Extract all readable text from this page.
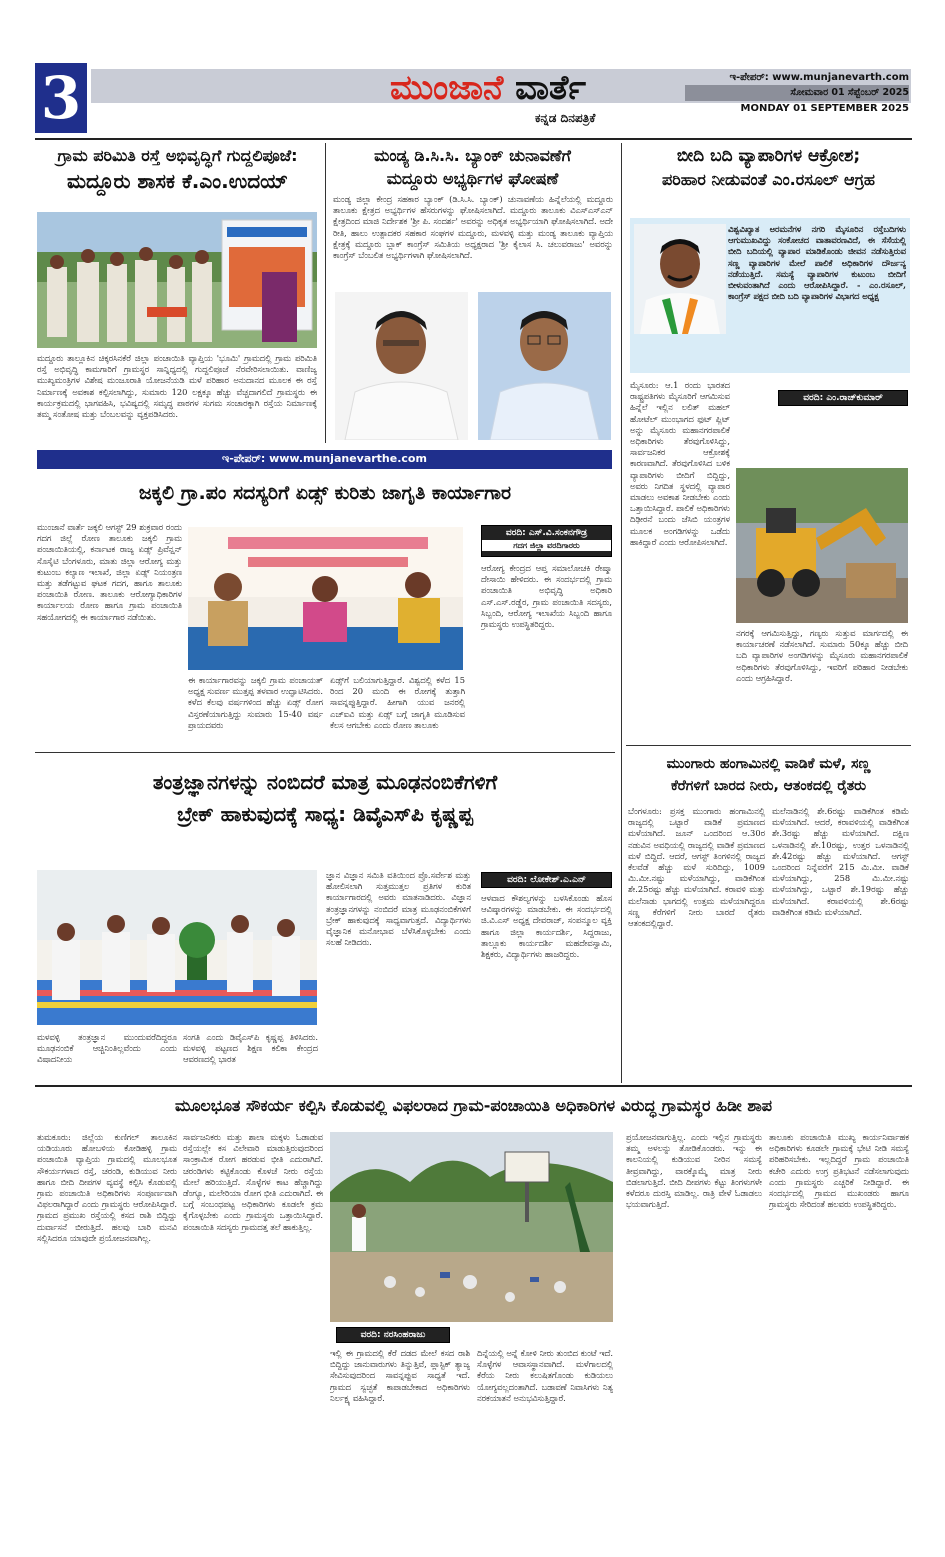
3	ಮುಂಜಾನೆ ವಾರ್ತೆ
ಕನ್ನಡ ದಿನಪತ್ರಿಕೆ
ಇ-ಪೇಪರ್: www.munjanevarth.com
ಸೋಮವಾರ 01 ಸೆಪ್ಟೆಂಬರ್ 2025
MONDAY 01 SEPTEMBER 2025
ಗ್ರಾಮ ಪರಿಮಿತಿ ರಸ್ತೆ ಅಭಿವೃದ್ಧಿಗೆ ಗುದ್ದಲಿಪೂಜೆ:
ಮದ್ದೂರು ಶಾಸಕ ಕೆ.ಎಂ.ಉದಯ್
ಮದ್ದೂರು ತಾಲ್ಲೂಕಿನ ಚಿಕ್ಕರಸಿನಕೆರೆ ಜಿಲ್ಲಾ ಪಂಚಾಯಿತಿ ವ್ಯಾಪ್ತಿಯ 'ಭೂಮಿ' ಗ್ರಾಮದಲ್ಲಿ ಗ್ರಾಮ ಪರಿಮಿತಿ ರಸ್ತೆ ಅಭಿವೃದ್ಧಿ ಕಾಮಗಾರಿಗೆ ಗ್ರಾಮಸ್ಥರ ಸಾನ್ನಿಧ್ಯದಲ್ಲಿ ಗುದ್ದಲಿಪೂಜೆ ನೆರವೇರಿಸಲಾಯಿತು. ವಾಣಿಜ್ಯ ಮುಖ್ಯಮಂತ್ರಿಗಳ ವಿಶೇಷ ಮಂಜೂರಾತಿ ಯೋಜನೆಯಡಿ ಮಳೆ ಪರಿಹಾರ ಅನುದಾನದ ಮೂಲಕ ಈ ರಸ್ತೆ ನಿರ್ಮಾಣಕ್ಕೆ ಅವಕಾಶ ಕಲ್ಪಿಸಲಾಗಿದ್ದು, ಸುಮಾರು 120 ಲಕ್ಷಕ್ಕೂ ಹೆಚ್ಚು ವೆಚ್ಚದಾಗಲಿದೆ ಗ್ರಾಮಸ್ಥರು ಈ ಕಾರ್ಯಕ್ರಮದಲ್ಲಿ ಭಾಗವಹಿಸಿ, ಭವಿಷ್ಯದಲ್ಲಿ ಸಮೃದ್ಧ ಪಾಠಗಳ ಸುಗಮ ಸಂಚಾರಕ್ಕಾಗಿ ರಸ್ತೆಯ ನಿರ್ಮಾಣಕ್ಕೆ ತಮ್ಮ ಸಂತೋಷ ಮತ್ತು ಬೆಂಬಲವನ್ನು ವ್ಯಕ್ತಪಡಿಸಿದರು.
ಮಂಡ್ಯ ಡಿ.ಸಿ.ಸಿ. ಬ್ಯಾಂಕ್ ಚುನಾವಣೆಗೆ
ಮದ್ದೂರು ಅಭ್ಯರ್ಥಿಗಳ ಘೋಷಣೆ
ಮಂಡ್ಯ ಜಿಲ್ಲಾ ಕೇಂದ್ರ ಸಹಕಾರ ಬ್ಯಾಂಕ್ (ಡಿ.ಸಿ.ಸಿ. ಬ್ಯಾಂಕ್) ಚುನಾವಣೆಯ ಹಿನ್ನೆಲೆಯಲ್ಲಿ ಮದ್ದೂರು ತಾಲೂಕು ಕ್ಷೇತ್ರದ ಅಭ್ಯರ್ಥಿಗಳ ಹೆಸರುಗಳನ್ನು ಘೋಷಿಸಲಾಗಿದೆ. ಮದ್ದೂರು ತಾಲೂಕು ವಿಎಸ್‌ಎಸ್‌ಎನ್ ಕ್ಷೇತ್ರದಿಂದ ಮಾಜಿ ನಿರ್ದೇಶಕ 'ಶ್ರೀ ಪಿ. ಸಂದರ್ಶ' ಅವರನ್ನು ಅಧಿಕೃತ ಅಭ್ಯರ್ಥಿಯಾಗಿ ಘೋಷಿಸಲಾಗಿದೆ. ಅದೇ ರೀತಿ, ಹಾಲು ಉತ್ಪಾದಕರ ಸಹಕಾರ ಸಂಘಗಳ ಮದ್ದೂರು, ಮಳವಳ್ಳಿ ಮತ್ತು ಮಂಡ್ಯ ತಾಲೂಕು ವ್ಯಾಪ್ತಿಯ ಕ್ಷೇತ್ರಕ್ಕೆ ಮದ್ದೂರು ಬ್ಲಾಕ್ ಕಾಂಗ್ರೆಸ್ ಸಮಿತಿಯ ಅಧ್ಯಕ್ಷರಾದ 'ಶ್ರೀ ಕೈಲಾಸ ಸಿ. ಚಲುವರಾಜು' ಅವರನ್ನು ಕಾಂಗ್ರೆಸ್ ಬೆಂಬಲಿತ ಅಭ್ಯರ್ಥಿಗಳಾಗಿ ಘೋಷಿಸಲಾಗಿದೆ.
ಬೀದಿ ಬದಿ ವ್ಯಾಪಾರಿಗಳ ಆಕ್ರೋಶ;
ಪರಿಹಾರ ನೀಡುವಂತೆ ಎಂ.ರಸೂಲ್ ಆಗ್ರಹ
ವಿಶ್ವವಿಖ್ಯಾತ ಅರಮನೆಗಳ ನಗರಿ ಮೈಸೂರಿನ ರಸ್ತೆಬದಿಗಳು ಆಗುಮುಖವಿದ್ದು ಸಂಕೋಚದ ವಾತಾವರಣವಿದೆ, ಈ ಸೆಸೆಯಲ್ಲಿ ಬೀದಿ ಬದಿಯಲ್ಲಿ ವ್ಯಾಪಾರ ಮಾಡಿಕೊಂಡು ಜೀವನ ನಡೆಸುತ್ತಿರುವ ಸಣ್ಣ ವ್ಯಾಪಾರಿಗಳ ಮೇಲೆ ಪಾಲಿಕೆ ಅಧಿಕಾರಿಗಳ ದೌರ್ಜನ್ಯ ನಡೆಯುತ್ತಿದೆ. ಸಮಸ್ಯೆ ವ್ಯಾಪಾರಿಗಳ ಕುಟುಂಬ ಬೀದಿಗೆ ಬೀಳುವಂತಾಗಿದೆ ಎಂದು ಆರೋಪಿಸಿದ್ದಾರೆ. - ಎಂ.ರಸೂಲ್, ಕಾಂಗ್ರೆಸ್ ಪಕ್ಷದ ಬೀದಿ ಬದಿ ವ್ಯಾಪಾರಿಗಳ ವಿಭಾಗದ ಅಧ್ಯಕ್ಷ
ಮೈಸೂರು: ಆ.1 ರಂದು ಭಾರತದ ರಾಷ್ಟ್ರಪತಿಗಳು ಮೈಸೂರಿಗೆ ಆಗಮಿಸುವ ಹಿನ್ನೆಲೆ ಇಲ್ಲಿನ ಲಲಿತ್ ಮಹಲ್ ಹೋಟೆಲ್ ಮುಂಭಾಗದ ಫುಟ್ ಪ್ಲಿಟ್ ಅನ್ನು ಮೈಸೂರು ಮಹಾನಗರಪಾಲಿಕೆ ಅಧಿಕಾರಿಗಳು ತೆರವುಗೊಳಿಸಿದ್ದು, ಸಾರ್ವಜನಿಕರ ಆಕ್ರೋಶಕ್ಕೆ ಕಾರಣವಾಗಿದೆ. ತೆರವುಗೊಳಿಸಿದ ಬಳಿಕ ವ್ಯಾಪಾರಿಗಳು ಬೀದಿಗೆ ಬಿದ್ದಿದ್ದು, ಅವರು ನಿಗದಿತ ಸ್ಥಳದಲ್ಲಿ ವ್ಯಾಪಾರ ಮಾಡಲು ಅವಕಾಶ ನೀಡಬೇಕು ಎಂದು ಒತ್ತಾಯಿಸಿದ್ದಾರೆ. ಪಾಲಿಕೆ ಅಧಿಕಾರಿಗಳು ದಿಢೀರನೆ ಬಂದು ಜೆಸಿಬಿ ಯಂತ್ರಗಳ ಮೂಲಕ ಅಂಗಡಿಗಳನ್ನು ಒಡೆದು ಹಾಕಿದ್ದಾರೆ ಎಂದು ಆರೋಪಿಸಲಾಗಿದೆ.
ವರದಿ: ಎಂ.ರಾಜ್‌ಕುಮಾರ್
ನಗರಕ್ಕೆ ಆಗಮಿಸುತ್ತಿದ್ದು, ಗಣ್ಯರು ಸುತ್ತುವ ಮಾರ್ಗದಲ್ಲಿ ಈ ಕಾರ್ಯಾಚರಣೆ ನಡೆಸಲಾಗಿದೆ. ಸುಮಾರು 50ಕ್ಕೂ ಹೆಚ್ಚು ಬೀದಿ ಬದಿ ವ್ಯಾಪಾರಿಗಳ ಅಂಗಡಿಗಳನ್ನು ಮೈಸೂರು ಮಹಾನಗರಪಾಲಿಕೆ ಅಧಿಕಾರಿಗಳು ತೆರವುಗೊಳಿಸಿದ್ದು, ಇವರಿಗೆ ಪರಿಹಾರ ನೀಡಬೇಕು ಎಂದು ಆಗ್ರಹಿಸಿದ್ದಾರೆ.
ಇ-ಪೇಪರ್: www.munjanevarthe.com
ಜಕ್ಕಲಿ ಗ್ರಾ.ಪಂ ಸದಸ್ಯರಿಗೆ ಏಡ್ಸ್ ಕುರಿತು ಜಾಗೃತಿ ಕಾರ್ಯಾಗಾರ
ಮುಂಜಾನೆ ವಾರ್ತೆ ಜಕ್ಕಲಿ ಆಗಸ್ಟ್ 29 ಶುಕ್ರವಾರ ರಂದು ಗದಗ ಜಿಲ್ಲೆ ರೋಣ ತಾಲೂಕು ಜಕ್ಕಲಿ ಗ್ರಾಮ ಪಂಚಾಯಿತಿಯಲ್ಲಿ, ಕರ್ನಾಟಕ ರಾಜ್ಯ ಏಡ್ಸ್ ಪ್ರಿವೆನ್ಷನ್ ಸೊಸೈಟಿ ಬೆಂಗಳೂರು, ಮಾತು ಜಿಲ್ಲಾ ಆರೋಗ್ಯ ಮತ್ತು ಕುಟುಂಬ ಕಲ್ಯಾಣ ಇಲಾಖೆ, ಜಿಲ್ಲಾ ಏಡ್ಸ್ ನಿಯಂತ್ರಣ ಮತ್ತು ತಡೆಗಟ್ಟುವ ಘಟಕ ಗದಗ, ಹಾಗೂ ತಾಲೂಕು ಪಂಚಾಯಿತಿ ರೋಣ. ತಾಲೂಕು ಆರೋಗ್ಯಾಧಿಕಾರಿಗಳ ಕಾರ್ಯಾಲಯ ರೋಣ ಹಾಗೂ ಗ್ರಾಮ ಪಂಚಾಯಿತಿ ಸಹಯೋಗದಲ್ಲಿ ಈ ಕಾರ್ಯಾಗಾರ ನಡೆಯಿತು.
ಈ ಕಾರ್ಯಾಗಾರವನ್ನು ಜಕ್ಕಲಿ ಗ್ರಾಮ ಪಂಚಾಯತ್ ಅಧ್ಯಕ್ಷ ಸುವರ್ಣ ಮುತ್ತಪ್ಪ ತಳವಾರ ಉದ್ಘಾಟಿಸಿದರು. ಕಳೆದ ಕೆಲವು ವರ್ಷಗಳಿಂದ ಹೆಚ್ಚು ಏಡ್ಸ್ ರೋಗ ವಿಸ್ತರಣೆಯಾಗುತ್ತಿದ್ದು ಸುಮಾರು 15-40 ವರ್ಷ ಪ್ರಾಯದವರು
ಏಡ್ಸ್‌ಗೆ ಬಲಿಯಾಗುತ್ತಿದ್ದಾರೆ. ವಿಶ್ವದಲ್ಲಿ ಕಳೆದ 15 ರಿಂದ 20 ಮಂದಿ ಈ ರೋಗಕ್ಕೆ ತುತ್ತಾಗಿ ಸಾವನ್ನಪ್ಪುತ್ತಿದ್ದಾರೆ. ಹೀಗಾಗಿ ಯುವ ಜನರಲ್ಲಿ ಎಚ್‌ಐವಿ ಮತ್ತು ಏಡ್ಸ್ ಬಗ್ಗೆ ಜಾಗೃತಿ ಮೂಡಿಸುವ ಕೆಲಸ ಆಗಬೇಕು ಎಂದು ರೋಣ ತಾಲೂಕು
ವರದಿ: ಎಸ್.ವಿ.ಸಂಕನಗೌಡ್ರ
ಗದಗ ಜಿಲ್ಲಾ ವರದಿಗಾರರು
ಆರೋಗ್ಯ ಕೇಂದ್ರದ ಆಪ್ತ ಸಮಾಲೋಚಕಿ ರೇಷ್ಮಾ ದೇಸಾಯಿ ಹೇಳಿದರು. ಈ ಸಂದರ್ಭದಲ್ಲಿ ಗ್ರಾಮ ಪಂಚಾಯಿತಿ ಅಭಿವೃದ್ಧಿ ಅಧಿಕಾರಿ ಎಸ್.ಎಸ್.ರಡ್ಡೆರ, ಗ್ರಾಮ ಪಂಚಾಯಿತಿ ಸದಸ್ಯರು, ಸಿಬ್ಬಂದಿ, ಆರೋಗ್ಯ ಇಲಾಖೆಯ ಸಿಬ್ಬಂದಿ ಹಾಗೂ ಗ್ರಾಮಸ್ಥರು ಉಪಸ್ಥಿತರಿದ್ದರು.
ತಂತ್ರಜ್ಞಾನಗಳನ್ನು ನಂಬಿದರೆ ಮಾತ್ರ ಮೂಢನಂಬಿಕೆಗಳಿಗೆ
ಬ್ರೇಕ್ ಹಾಕುವುದಕ್ಕೆ ಸಾಧ್ಯ: ಡಿವೈಎಸ್‌ಪಿ ಕೃಷ್ಣಪ್ಪ
ಮಳವಳ್ಳಿ ತಂತ್ರಜ್ಞಾನ ಮುಂದುವರೆದಿದ್ದರೂ ಮೂಢನಂಬಿಕೆ ಆಚ್ಚಿನಿಂತಿಲ್ಲವೆಂದು ಎಂದು ವಿಷಾದನೀಯ
ಸಂಗತಿ ಎಂದು ಡಿವೈಎಸ್‌ಪಿ ಕೃಷ್ಣಪ್ಪ ತಿಳಿಸಿದರು. ಮಳವಳ್ಳಿ ಪಟ್ಟಣದ ಶಿಕ್ಷಣ ಕಲಿಕಾ ಕೇಂದ್ರದ ಆವರಣದಲ್ಲಿ ಭಾರತ
ಜ್ಞಾನ ವಿಜ್ಞಾನ ಸಮಿತಿ ವತಿಯಿಂದ ಪ್ರೊ.ಸರ್ವೇಶ ಮತ್ತು ಹೋಲಿಸಲಾಗಿ ಸುತ್ತಮುತ್ತಲ ಪ್ರತಿಗಳ ಕುರಿತ ಕಾರ್ಯಾಗಾರದಲ್ಲಿ ಅವರು ಮಾತನಾಡಿದರು. ವಿಜ್ಞಾನ ತಂತ್ರಜ್ಞಾನಗಳನ್ನು ನಂಬಿದರೆ ಮಾತ್ರ ಮೂಢನಂಬಿಕೆಗಳಿಗೆ ಬ್ರೇಕ್ ಹಾಕುವುದಕ್ಕೆ ಸಾಧ್ಯವಾಗುತ್ತದೆ. ವಿದ್ಯಾರ್ಥಿಗಳು ವೈಜ್ಞಾನಿಕ ಮನೋಭಾವ ಬೆಳೆಸಿಕೊಳ್ಳಬೇಕು ಎಂದು ಸಲಹೆ ನೀಡಿದರು.
ವರದಿ: ಲೋಕೇಶ್.ಎ.ಎನ್
ಆಳವಾದ ಕೌಶಲ್ಯಗಳನ್ನು ಬಳಸಿಕೊಂಡು ಹೊಸ ಆವಿಷ್ಕಾರಗಳನ್ನು ಮಾಡಬೇಕು. ಈ ಸಂದರ್ಭದಲ್ಲಿ ಜಿ.ವಿ.ಎಸ್ ಅಧ್ಯಕ್ಷ ದೇವರಾಜ್, ಸಂಪನ್ಮೂಲ ವ್ಯಕ್ತಿ ಹಾಗೂ ಜಿಲ್ಲಾ ಕಾರ್ಯದರ್ಶಿ, ಸಿದ್ದರಾಜು, ತಾಲ್ಲೂಕು ಕಾರ್ಯದರ್ಶಿ ಮಹದೇವಸ್ವಾಮಿ, ಶಿಕ್ಷಕರು, ವಿದ್ಯಾರ್ಥಿಗಳು ಹಾಜರಿದ್ದರು.
ಮುಂಗಾರು ಹಂಗಾಮಿನಲ್ಲಿ ವಾಡಿಕೆ ಮಳೆ, ಸಣ್ಣ
ಕೆರೆಗಳಿಗೆ ಬಾರದ ನೀರು, ಆತಂಕದಲ್ಲಿ ರೈತರು
ಬೆಂಗಳೂರು: ಪ್ರಸಕ್ತ ಮುಂಗಾರು ಹಂಗಾಮಿನಲ್ಲಿ ರಾಜ್ಯದಲ್ಲಿ ಒಟ್ಟಾರೆ ವಾಡಿಕೆ ಪ್ರಮಾಣದ ಮಳೆಯಾಗಿದೆ. ಜೂನ್ ಒಂದರಿಂದ ಆ.30ರ ನಡುವಿನ ಅವಧಿಯಲ್ಲಿ ರಾಜ್ಯದಲ್ಲಿ ವಾಡಿಕೆ ಪ್ರಮಾಣದ ಮಳೆ ಬಿದ್ದಿದೆ. ಆದರೆ, ಆಗಸ್ಟ್ ತಿಂಗಳಿನಲ್ಲಿ ರಾಜ್ಯದ ಕೆಲವೆಡೆ ಹೆಚ್ಚು ಮಳೆ ಸುರಿದಿದ್ದು, 1009 ಮಿ.ಮೀ.ನಷ್ಟು ಮಳೆಯಾಗಿದ್ದು, ವಾಡಿಕೆಗಿಂತ ಶೇ.25ರಷ್ಟು ಹೆಚ್ಚು ಮಳೆಯಾಗಿದೆ. ಕರಾವಳಿ ಮತ್ತು ಮಲೆನಾಡು ಭಾಗದಲ್ಲಿ ಉತ್ತಮ ಮಳೆಯಾಗಿದ್ದರೂ ಸಣ್ಣ ಕೆರೆಗಳಿಗೆ ನೀರು ಬಾರದೆ ರೈತರು ಆತಂಕದಲ್ಲಿದ್ದಾರೆ.
ಮಲೆನಾಡಿನಲ್ಲಿ ಶೇ.6ರಷ್ಟು ವಾಡಿಕೆಗಿಂತ ಕಡಿಮೆ ಮಳೆಯಾಗಿದೆ. ಆದರೆ, ಕರಾವಳಿಯಲ್ಲಿ ವಾಡಿಕೆಗಿಂತ ಶೇ.3ರಷ್ಟು ಹೆಚ್ಚು ಮಳೆಯಾಗಿದೆ. ದಕ್ಷಿಣ ಒಳನಾಡಿನಲ್ಲಿ ಶೇ.10ರಷ್ಟು, ಉತ್ತರ ಒಳನಾಡಿನಲ್ಲಿ ಶೇ.42ರಷ್ಟು ಹೆಚ್ಚು ಮಳೆಯಾಗಿದೆ. ಆಗಸ್ಟ್ ಒಂದರಿಂದ ನಿನ್ನೆವರೆಗೆ 215 ಮಿ.ಮೀ. ವಾಡಿಕೆ ಮಳೆಯಾಗಿದ್ದು, 258 ಮಿ.ಮೀ.ನಷ್ಟು ಮಳೆಯಾಗಿದ್ದು, ಒಟ್ಟಾರೆ ಶೇ.19ರಷ್ಟು ಹೆಚ್ಚು ಮಳೆಯಾಗಿದೆ. ಕರಾವಳಿಯಲ್ಲಿ ಶೇ.6ರಷ್ಟು ವಾಡಿಕೆಗಿಂತ ಕಡಿಮೆ ಮಳೆಯಾಗಿದೆ.
ಮೂಲಭೂತ ಸೌಕರ್ಯ ಕಲ್ಪಿಸಿ ಕೊಡುವಲ್ಲಿ ವಿಫಲರಾದ ಗ್ರಾಮ-ಪಂಚಾಯಿತಿ ಅಧಿಕಾರಿಗಳ ವಿರುದ್ಧ ಗ್ರಾಮಸ್ಥರ ಹಿಡೀ ಶಾಪ
ತುಮಕೂರು: ಜಿಲ್ಲೆಯ ಕುಣಿಗಲ್ ತಾಲೂಕಿನ ಯಡಿಯೂರು ಹೋಬಳಿಯ ಕೋಡಿಹಳ್ಳಿ ಗ್ರಾಮ ಪಂಚಾಯಿತಿ ವ್ಯಾಪ್ತಿಯ ಗ್ರಾಮದಲ್ಲಿ ಮೂಲಭೂತ ಸೌಕರ್ಯಗಳಾದ ರಸ್ತೆ, ಚರಂಡಿ, ಕುಡಿಯುವ ನೀರು ಹಾಗೂ ಬೀದಿ ದೀಪಗಳ ವ್ಯವಸ್ಥೆ ಕಲ್ಪಿಸಿ ಕೊಡುವಲ್ಲಿ ಗ್ರಾಮ ಪಂಚಾಯಿತಿ ಅಧಿಕಾರಿಗಳು ಸಂಪೂರ್ಣವಾಗಿ ವಿಫಲರಾಗಿದ್ದಾರೆ ಎಂದು ಗ್ರಾಮಸ್ಥರು ಆರೋಪಿಸಿದ್ದಾರೆ. ಗ್ರಾಮದ ಪ್ರಮುಖ ರಸ್ತೆಯಲ್ಲಿ ಕಸದ ರಾಶಿ ಬಿದ್ದಿದ್ದು ದುರ್ವಾಸನೆ ಬೀರುತ್ತಿದೆ. ಹಲವು ಬಾರಿ ಮನವಿ ಸಲ್ಲಿಸಿದರೂ ಯಾವುದೇ ಪ್ರಯೋಜನವಾಗಿಲ್ಲ.
ಸಾರ್ವಜನಿಕರು ಮತ್ತು ಶಾಲಾ ಮಕ್ಕಳು ಓಡಾಡುವ ರಸ್ತೆಯಲ್ಲೇ ಕಸ ವಿಲೇವಾರಿ ಮಾಡುತ್ತಿರುವುದರಿಂದ ಸಾಂಕ್ರಾಮಿಕ ರೋಗ ಹರಡುವ ಭೀತಿ ಎದುರಾಗಿದೆ. ಚರಂಡಿಗಳು ಕಟ್ಟಿಕೊಂಡು ಕೊಳಚೆ ನೀರು ರಸ್ತೆಯ ಮೇಲೆ ಹರಿಯುತ್ತಿದೆ. ಸೊಳ್ಳೆಗಳ ಕಾಟ ಹೆಚ್ಚಾಗಿದ್ದು ಡೆಂಗ್ಯೂ, ಮಲೇರಿಯಾ ರೋಗ ಭೀತಿ ಎದುರಾಗಿದೆ. ಈ ಬಗ್ಗೆ ಸಂಬಂಧಪಟ್ಟ ಅಧಿಕಾರಿಗಳು ಕೂಡಲೇ ಕ್ರಮ ಕೈಗೊಳ್ಳಬೇಕು ಎಂದು ಗ್ರಾಮಸ್ಥರು ಒತ್ತಾಯಿಸಿದ್ದಾರೆ. ಪಂಚಾಯಿತಿ ಸದಸ್ಯರು ಗ್ರಾಮದತ್ತ ತಲೆ ಹಾಕುತ್ತಿಲ್ಲ.
ವರದಿ: ನರಸಿಂಹರಾಜು
ಇಲ್ಲಿ ಈ ಗ್ರಾಮದಲ್ಲಿ ಕೆರೆ ದಡದ ಮೇಲೆ ಕಸದ ರಾಶಿ ಬಿದ್ದಿದ್ದು ಜಾನುವಾರುಗಳು ತಿನ್ನುತ್ತಿವೆ, ಪ್ಲಾಸ್ಟಿಕ್ ತ್ಯಾಜ್ಯ ಸೇವಿಸುವುದರಿಂದ ಸಾವನ್ನಪ್ಪುವ ಸಾಧ್ಯತೆ ಇದೆ. ಗ್ರಾಮದ ಸ್ವಚ್ಛತೆ ಕಾಪಾಡಬೇಕಾದ ಅಧಿಕಾರಿಗಳು ನಿರ್ಲಕ್ಷ್ಯ ವಹಿಸಿದ್ದಾರೆ.
ದಿನ್ನೆಯಲ್ಲಿ ಅನ್ನೆ ಕೋಳಿ ನೀರು ತುಂಬಿದ ಕುಂಟೆ ಇದೆ. ಸೊಳ್ಳೆಗಳ ಆವಾಸಸ್ಥಾನವಾಗಿದೆ. ಮಳೆಗಾಲದಲ್ಲಿ ಕೆರೆಯ ನೀರು ಕಲುಷಿತಗೊಂಡು ಕುಡಿಯಲು ಯೋಗ್ಯವಲ್ಲದಂತಾಗಿದೆ. ಬಡಾವಣೆ ನಿವಾಸಿಗಳು ನಿತ್ಯ ನರಕಯಾತನೆ ಅನುಭವಿಸುತ್ತಿದ್ದಾರೆ.
ಪ್ರಯೋಜನವಾಗುತ್ತಿಲ್ಲ. ಎಂದು ಇಲ್ಲಿನ ಗ್ರಾಮಸ್ಥರು ತಮ್ಮ ಅಳಲನ್ನು ತೋಡಿಕೊಂಡರು. ಇನ್ನು ಈ ಕಾಲನಿಯಲ್ಲಿ ಕುಡಿಯುವ ನೀರಿನ ಸಮಸ್ಯೆ ತೀವ್ರವಾಗಿದ್ದು, ವಾರಕ್ಕೊಮ್ಮೆ ಮಾತ್ರ ನೀರು ಬಿಡಲಾಗುತ್ತಿದೆ. ಬೀದಿ ದೀಪಗಳು ಕೆಟ್ಟು ತಿಂಗಳುಗಳೇ ಕಳೆದರೂ ದುರಸ್ತಿ ಮಾಡಿಲ್ಲ. ರಾತ್ರಿ ವೇಳೆ ಓಡಾಡಲು ಭಯವಾಗುತ್ತಿದೆ.
ತಾಲೂಕು ಪಂಚಾಯಿತಿ ಮುಖ್ಯ ಕಾರ್ಯನಿರ್ವಾಹಕ ಅಧಿಕಾರಿಗಳು ಕೂಡಲೇ ಗ್ರಾಮಕ್ಕೆ ಭೇಟಿ ನೀಡಿ ಸಮಸ್ಯೆ ಪರಿಹರಿಸಬೇಕು. ಇಲ್ಲದಿದ್ದರೆ ಗ್ರಾಮ ಪಂಚಾಯಿತಿ ಕಚೇರಿ ಎದುರು ಉಗ್ರ ಪ್ರತಿಭಟನೆ ನಡೆಸಲಾಗುವುದು ಎಂದು ಗ್ರಾಮಸ್ಥರು ಎಚ್ಚರಿಕೆ ನೀಡಿದ್ದಾರೆ. ಈ ಸಂದರ್ಭದಲ್ಲಿ ಗ್ರಾಮದ ಮುಖಂಡರು ಹಾಗೂ ಗ್ರಾಮಸ್ಥರು ಸೇರಿದಂತೆ ಹಲವರು ಉಪಸ್ಥಿತರಿದ್ದರು.
